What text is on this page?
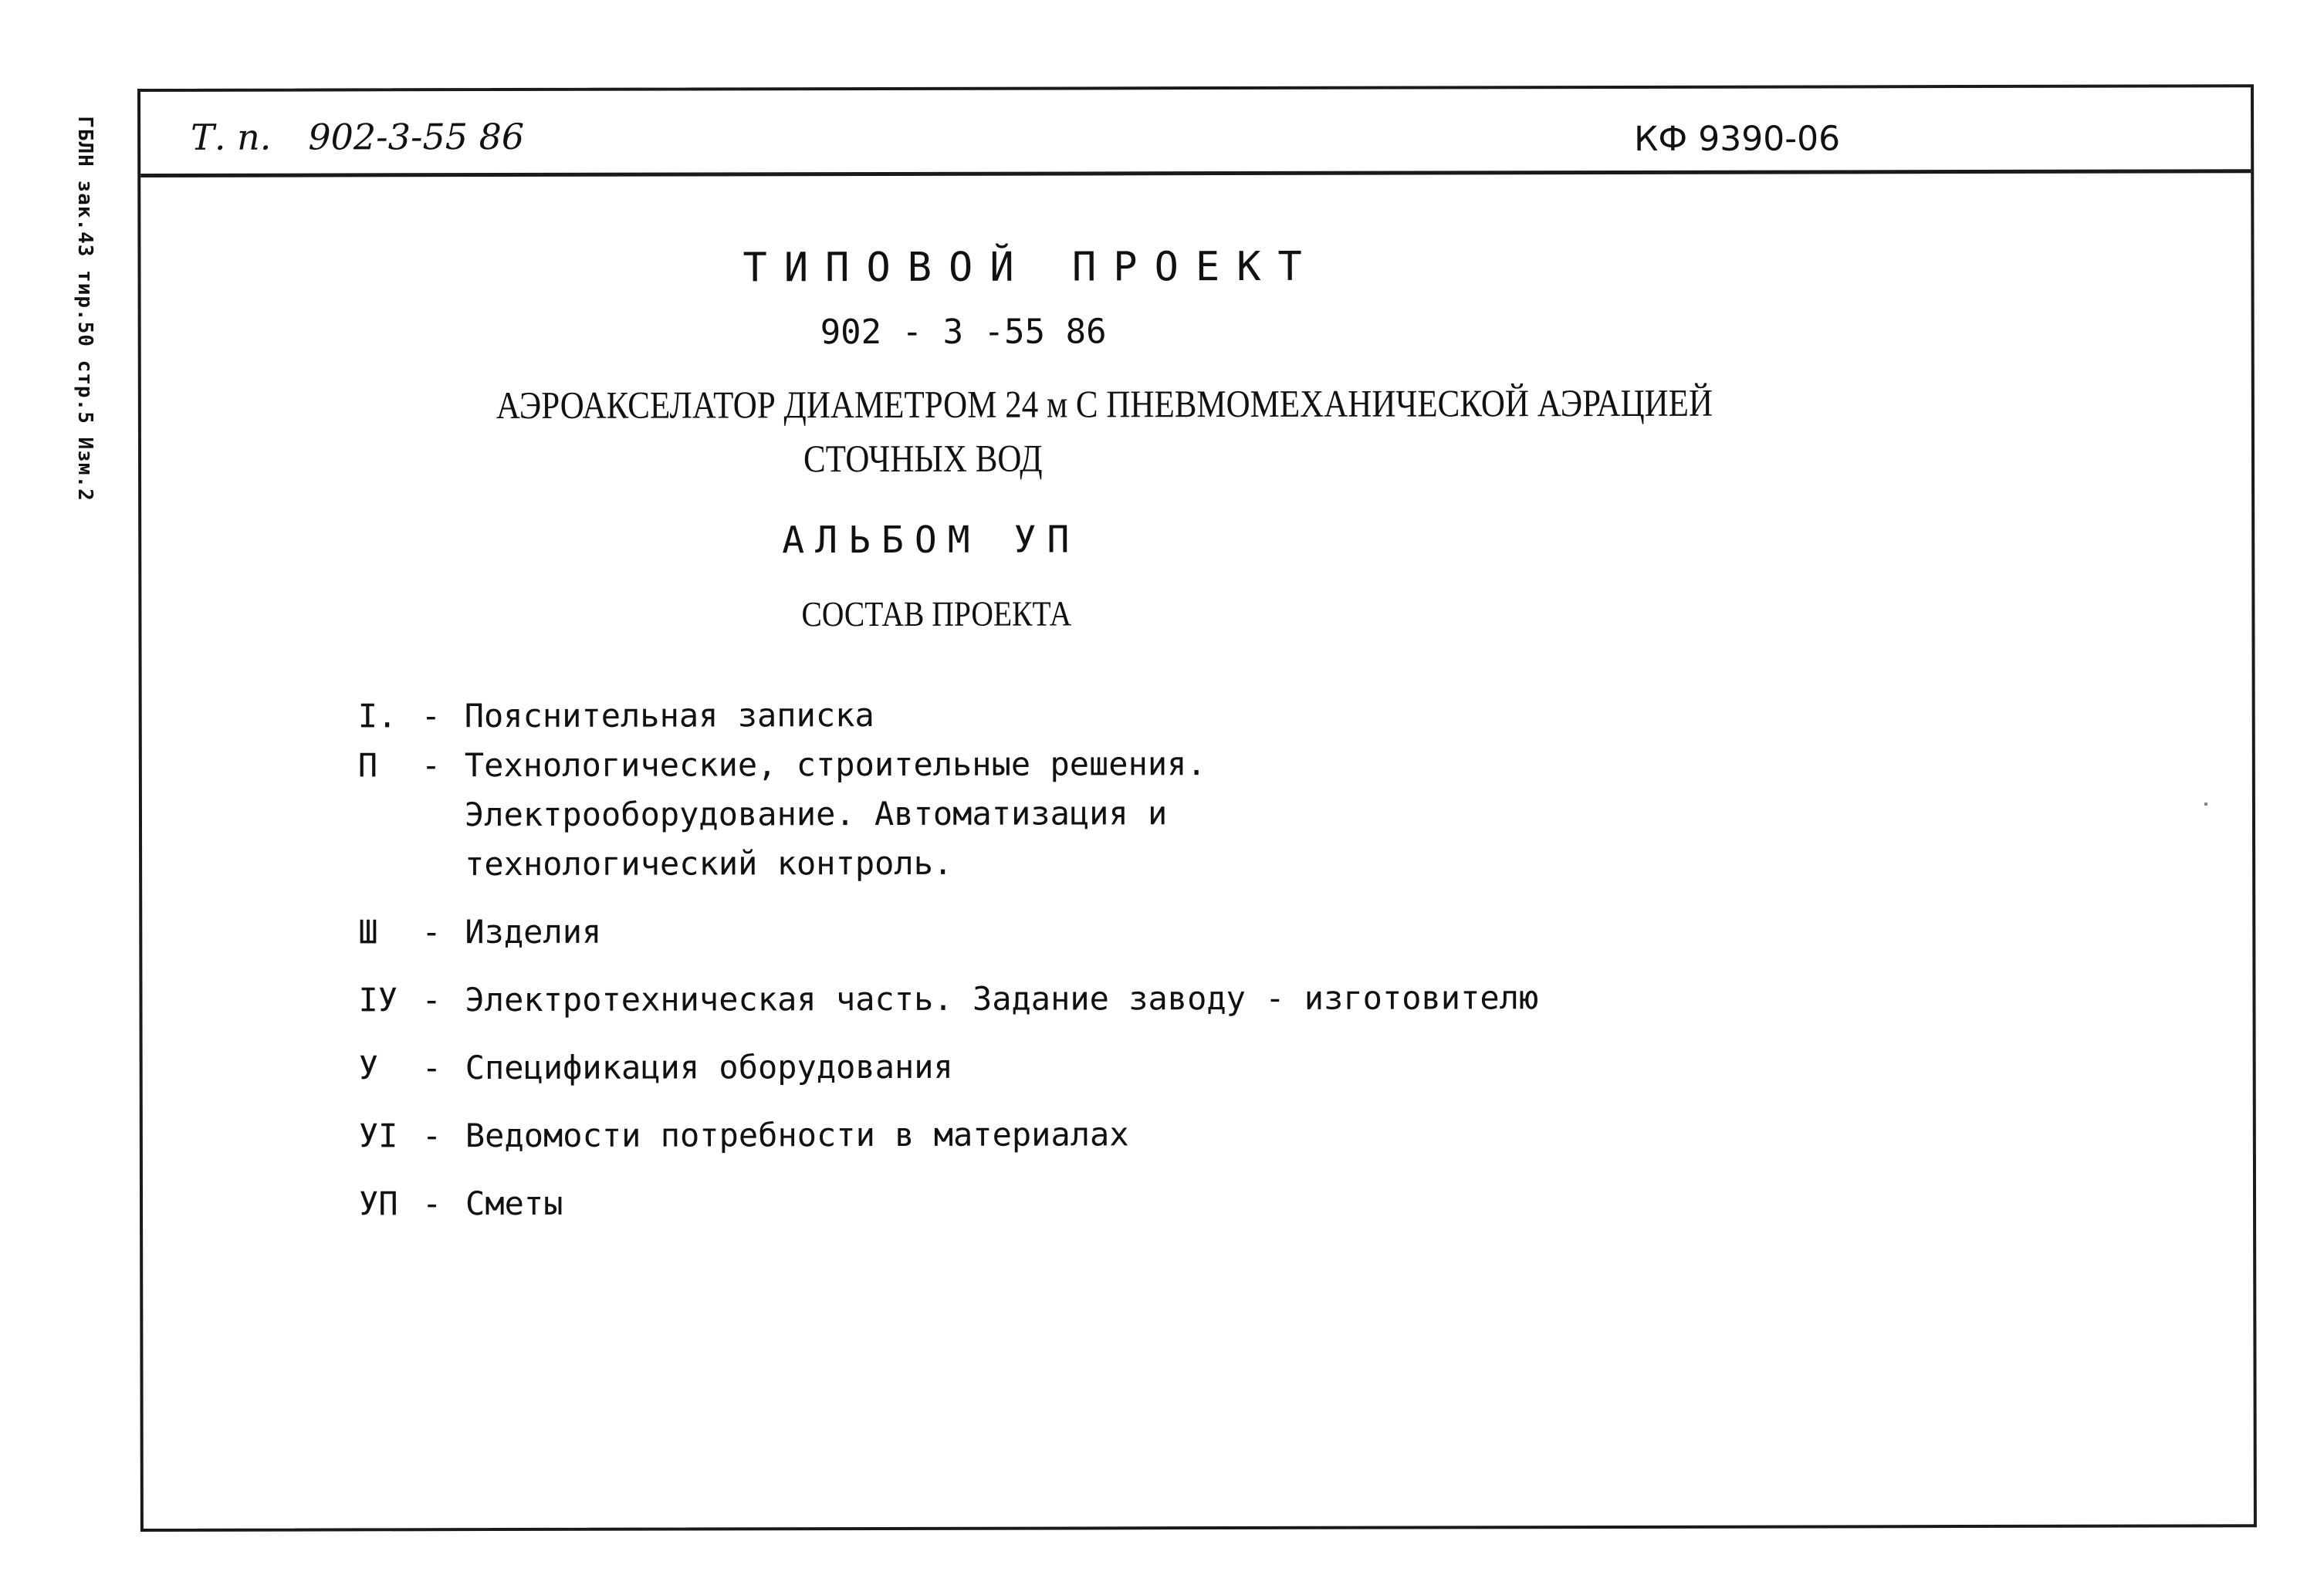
ГБЛН зак.43 тир.50 стр.5 Изм.2	Т. п. 902-3-55 86	КФ 9390-06
ТИПОВОЙ ПРОЕКТ
902 - 3 -55 86
АЭРОАКСЕЛАТОР ДИАМЕТРОМ 24 м С ПНЕВМОМЕХАНИЧЕСКОЙ АЭРАЦИЕЙ
СТОЧНЫХ ВОД
АЛЬБОМ УП
СОСТАВ ПРОЕКТА
I. - Пояснительная записка
П	- Технологические, строительные решения.
Электрооборудование. Автоматизация и
технологический контроль.
Ш	- Изделия
IУ - Электротехническая часть. Задание заводу - изготовителю
У	- Спецификация оборудования
УI - Ведомости потребности в материалах
УП - Сметы
